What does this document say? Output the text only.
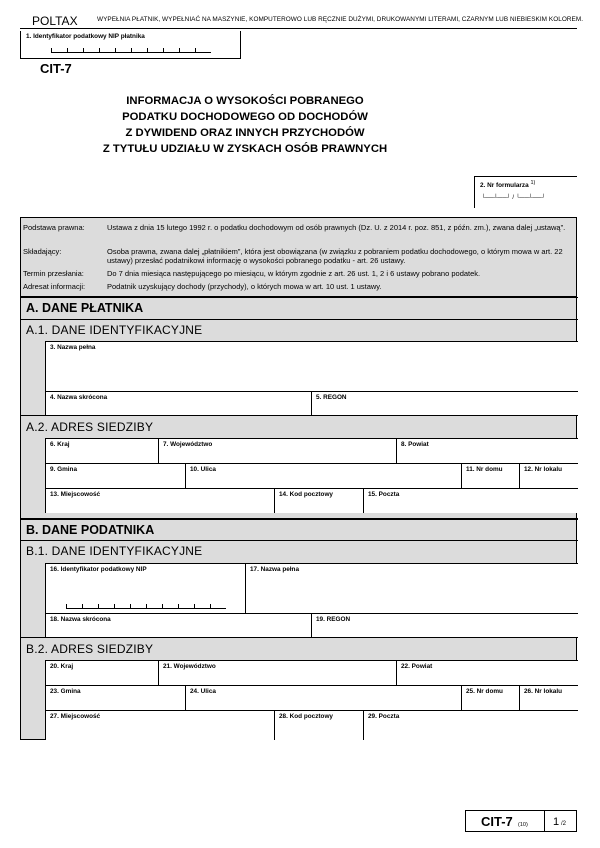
POLTAX	WYPEŁNIA PŁATNIK, WYPEŁNIAĆ NA MASZYNIE, KOMPUTEROWO LUB RĘCZNIE DUŻYMI, DRUKOWANYMI LITERAMI, CZARNYM LUB NIEBIESKIM KOLOREM.
1. Identyfikator podatkowy NIP płatnika
CIT-7
INFORMACJA O WYSOKOŚCI POBRANEGO
PODATKU DOCHODOWEGO OD DOCHODÓW
Z DYWIDEND ORAZ INNYCH PRZYCHODÓW
Z TYTUŁU UDZIAŁU W ZYSKACH OSÓB PRAWNYCH
2. Nr formularza $^{1)}$
└──┴──┘ / └──┴──┘
Podstawa prawna:	Ustawa z dnia 15 lutego 1992 r. o podatku dochodowym od osób prawnych (Dz. U. z 2014 r. poz. 851, z późn. zm.), zwana dalej „ustawą”.
Składający:	Osoba prawna, zwana dalej „płatnikiem”, która jest obowiązana (w związku z pobraniem podatku dochodowego, o którym mowa w art. 22 ustawy) przesłać podatnikowi informację o wysokości pobranego podatku - art. 26 ustawy.
Termin przesłania:	Do 7 dnia miesiąca następującego po miesiącu, w którym zgodnie z art. 26 ust. 1, 2 i 6 ustawy pobrano podatek.
Adresat informacji:	Podatnik uzyskujący dochody (przychody), o których mowa w art. 10 ust. 1 ustawy.
A. DANE PŁATNIKA
A.1. DANE IDENTYFIKACYJNE
3. Nazwa pełna
4. Nazwa skrócona	5. REGON
A.2. ADRES SIEDZIBY
6. Kraj	7. Województwo	8. Powiat
9. Gmina	10. Ulica	11. Nr domu	12. Nr lokalu
13. Miejscowość	14. Kod pocztowy	15. Poczta
B. DANE PODATNIKA
B.1. DANE IDENTYFIKACYJNE
16. Identyfikator podatkowy NIP	17. Nazwa pełna
18. Nazwa skrócona	19. REGON
B.2. ADRES SIEDZIBY
20. Kraj	21. Województwo	22. Powiat
23. Gmina	24. Ulica	25. Nr domu	26. Nr lokalu
27. Miejscowość	28. Kod pocztowy	29. Poczta
CIT-7 (10) 1 /2
